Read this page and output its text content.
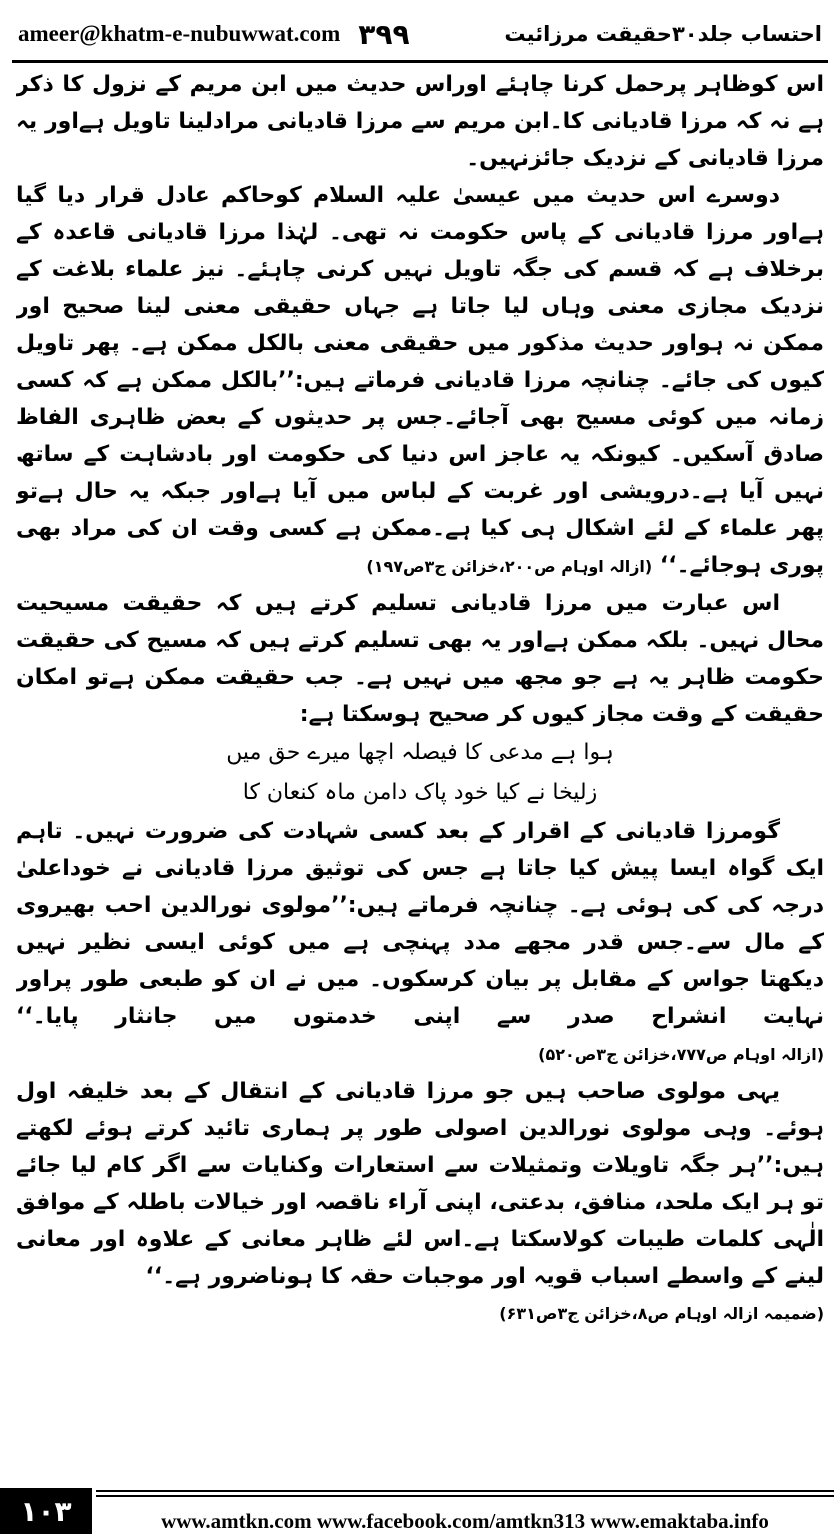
ameer@khatm-e-nubuwwat.com ۳۹۹	احتساب جلد۳۰حقیقت مرزائیت

اس کوظاہر پرحمل کرنا چاہئے اوراس حدیث میں ابن مریم کے نزول کا ذکر ہے نہ کہ مرزا قادیانی کا۔ابن مریم سے مرزا قادیانی مرادلینا تاویل ہےاور یہ مرزا قادیانی کے نزدیک جائزنہیں۔

دوسرے اس حدیث میں عیسیٰ علیہ السلام کوحاکم عادل قرار دیا گیا ہےاور مرزا قادیانی کے پاس حکومت نہ تھی۔ لہٰذا مرزا قادیانی قاعدہ کے برخلاف ہے کہ قسم کی جگہ تاویل نہیں کرنی چاہئے۔ نیز علماء بلاغت کے نزدیک مجازی معنی وہاں لیا جاتا ہے جہاں حقیقی معنی لینا صحیح اور ممکن نہ ہواور حدیث مذکور میں حقیقی معنی بالکل ممکن ہے۔ پھر تاویل کیوں کی جائے۔ چنانچہ مرزا قادیانی فرماتے ہیں:’’بالکل ممکن ہے کہ کسی زمانہ میں کوئی مسیح بھی آجائے۔جس پر حدیثوں کے بعض ظاہری الفاظ صادق آسکیں۔ کیونکہ یہ عاجز اس دنیا کی حکومت اور بادشاہت کے ساتھ نہیں آیا ہے۔درویشی اور غربت کے لباس میں آیا ہےاور جبکہ یہ حال ہےتو پھر علماء کے لئے اشکال ہی کیا ہے۔ممکن ہے کسی وقت ان کی مراد بھی پوری ہوجائے۔‘‘ (ازالہ اوہام ص۲۰۰،خزائن ج۳ص۱۹۷)

اس عبارت میں مرزا قادیانی تسلیم کرتے ہیں کہ حقیقت مسیحیت محال نہیں۔ بلکہ ممکن ہےاور یہ بھی تسلیم کرتے ہیں کہ مسیح کی حقیقت حکومت ظاہر یہ ہے جو مجھ میں نہیں ہے۔ جب حقیقت ممکن ہےتو امکان حقیقت کے وقت مجاز کیوں کر صحیح ہوسکتا ہے:

ہوا ہے مدعی کا فیصلہ اچھا میرے حق میں

زلیخا نے کیا خود پاک دامن ماہ کنعان کا

گومرزا قادیانی کے اقرار کے بعد کسی شہادت کی ضرورت نہیں۔ تاہم ایک گواہ ایسا پیش کیا جاتا ہے جس کی توثیق مرزا قادیانی نے خوداعلیٰ درجہ کی کی ہوئی ہے۔ چنانچہ فرماتے ہیں:’’مولوی نورالدین احب بھیروی کے مال سے۔جس قدر مجھے مدد پہنچی ہے میں کوئی ایسی نظیر نہیں دیکھتا جواس کے مقابل پر بیان کرسکوں۔ میں نے ان کو طبعی طور پراور نہایت انشراح صدر سے اپنی خدمتوں میں جانثار پایا۔‘‘ (ازالہ اوہام ص۷۷۷،خزائن ج۳ص۵۲۰)

یہی مولوی صاحب ہیں جو مرزا قادیانی کے انتقال کے بعد خلیفہ اول ہوئے۔ وہی مولوی نورالدین اصولی طور پر ہماری تائید کرتے ہوئے لکھتے ہیں:’’ہر جگہ تاویلات وتمثیلات سے استعارات وکنایات سے اگر کام لیا جائے تو ہر ایک ملحد، منافق، بدعتی، اپنی آراء ناقصہ اور خیالات باطلہ کے موافق الٰہی کلمات طیبات کولاسکتا ہے۔اس لئے ظاہر معانی کے علاوہ اور معانی لینے کے واسطے اسباب قویہ اور موجبات حقہ کا ہوناضرور ہے۔‘‘

(ضمیمہ ازالہ اوہام ص۸،خزائن ج۳ص۶۳۱)

۱۰۳	www.amtkn.com www.facebook.com/amtkn313 www.emaktaba.info
